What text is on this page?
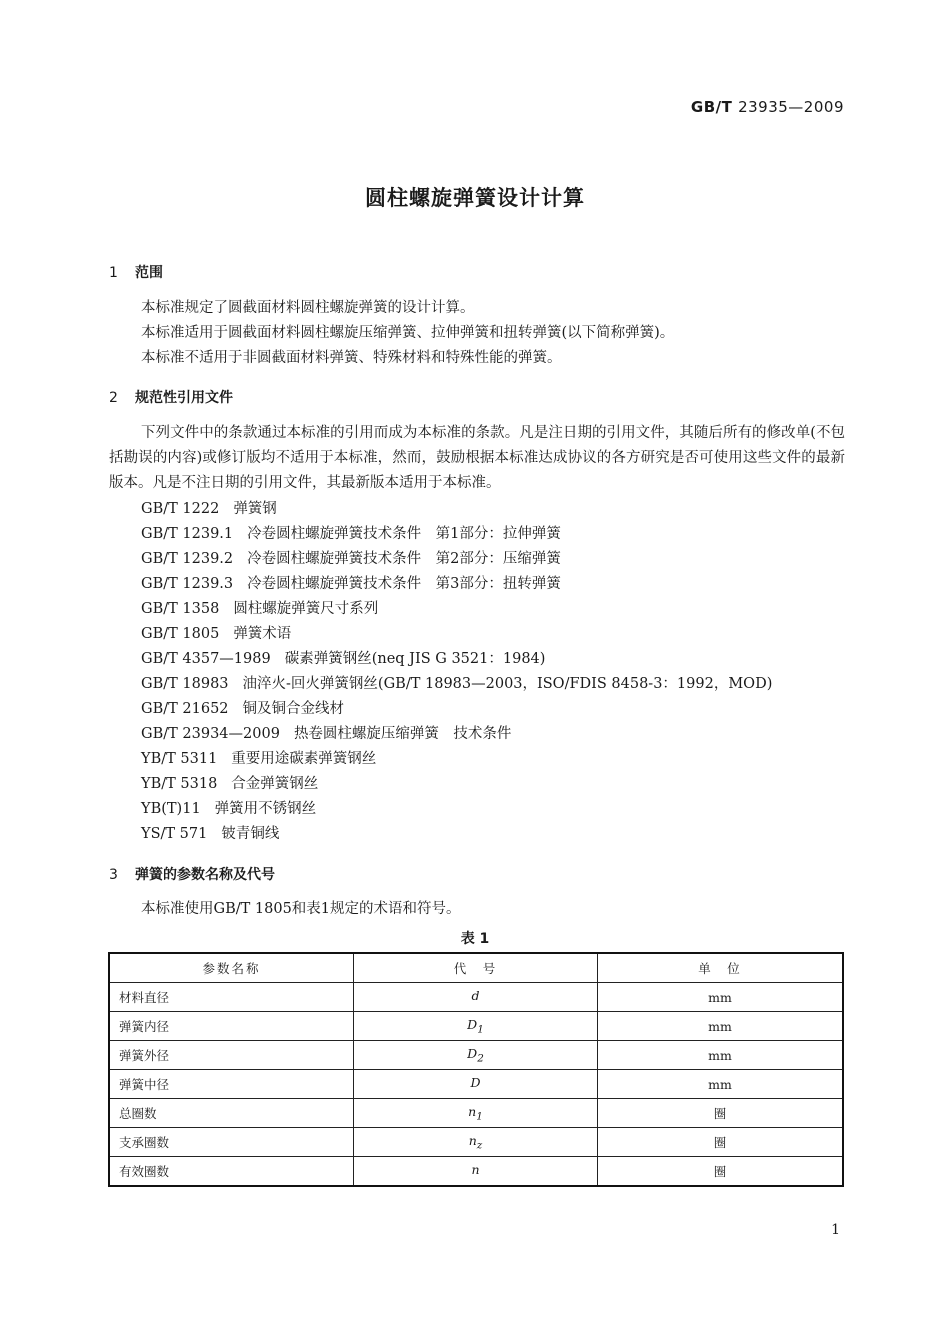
GB/T 23935—2009
圆柱螺旋弹簧设计计算
1 范围
本标准规定了圆截面材料圆柱螺旋弹簧的设计计算。
本标准适用于圆截面材料圆柱螺旋压缩弹簧、拉伸弹簧和扭转弹簧(以下简称弹簧)。
本标准不适用于非圆截面材料弹簧、特殊材料和特殊性能的弹簧。
2 规范性引用文件
下列文件中的条款通过本标准的引用而成为本标准的条款。凡是注日期的引用文件，其随后所有的修改单(不包括勘误的内容)或修订版均不适用于本标准，然而，鼓励根据本标准达成协议的各方研究是否可使用这些文件的最新版本。凡是不注日期的引用文件，其最新版本适用于本标准。
GB/T 1222 弹簧钢
GB/T 1239.1 冷卷圆柱螺旋弹簧技术条件　第1部分：拉伸弹簧
GB/T 1239.2 冷卷圆柱螺旋弹簧技术条件　第2部分：压缩弹簧
GB/T 1239.3 冷卷圆柱螺旋弹簧技术条件　第3部分：扭转弹簧
GB/T 1358 圆柱螺旋弹簧尺寸系列
GB/T 1805 弹簧术语
GB/T 4357—1989 碳素弹簧钢丝(neq JIS G 3521：1984)
GB/T 18983 油淬火-回火弹簧钢丝(GB/T 18983—2003，ISO/FDIS 8458-3：1992，MOD)
GB/T 21652 铜及铜合金线材
GB/T 23934—2009 热卷圆柱螺旋压缩弹簧　技术条件
YB/T 5311 重要用途碳素弹簧钢丝
YB/T 5318 合金弹簧钢丝
YB(T)11 弹簧用不锈钢丝
YS/T 571 铍青铜线
3 弹簧的参数名称及代号
本标准使用GB/T 1805和表1规定的术语和符号。
表 1
参数名称	代　号	单　位
材料直径	d	mm
弹簧内径	$D_1$	mm
弹簧外径	$D_2$	mm
弹簧中径	D	mm
总圈数	$n_1$	圈
支承圈数	$n_z$	圈
有效圈数	n	圈
1
